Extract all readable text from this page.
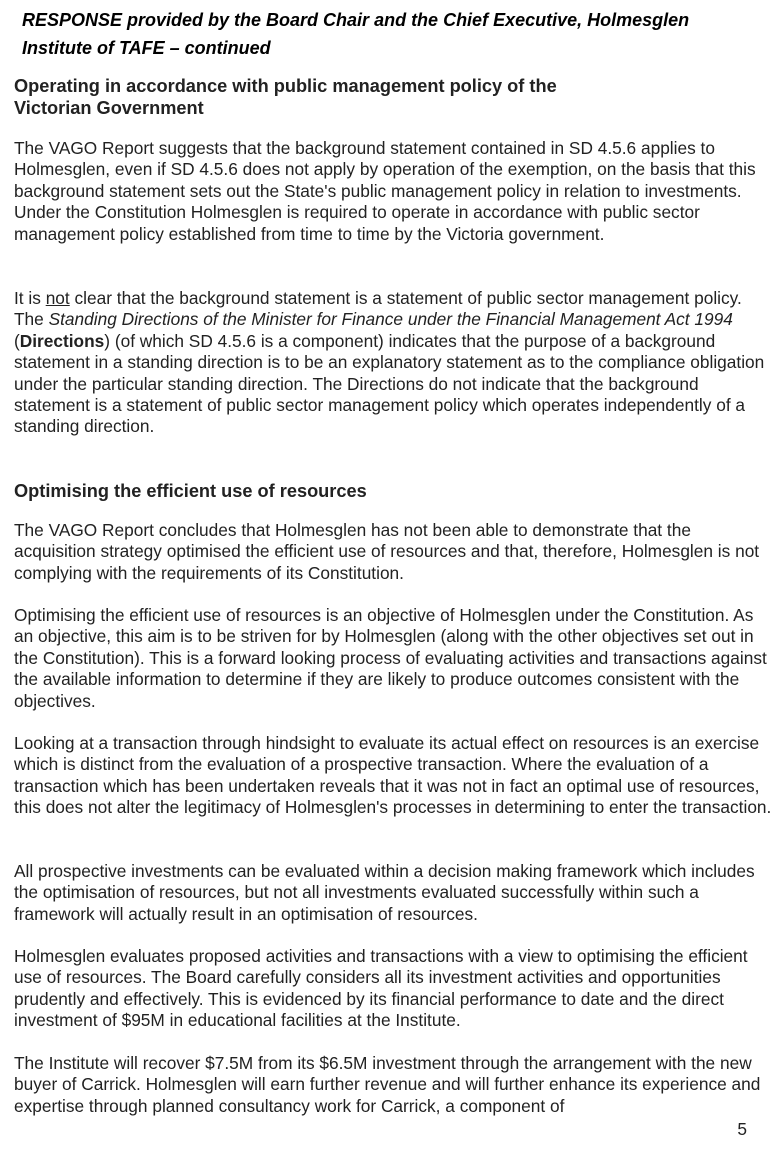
RESPONSE provided by the Board Chair and the Chief Executive, Holmesglen
Institute of TAFE – continued
Operating in accordance with public management policy of the
Victorian Government
The VAGO Report suggests that the background statement contained in SD 4.5.6 applies to Holmesglen, even if SD 4.5.6 does not apply by operation of the exemption, on the basis that this background statement sets out the State's public management policy in relation to investments. Under the Constitution Holmesglen is required to operate in accordance with public sector management policy established from time to time by the Victoria government.
It is not clear that the background statement is a statement of public sector management policy. The Standing Directions of the Minister for Finance under the Financial Management Act 1994 (Directions) (of which SD 4.5.6 is a component) indicates that the purpose of a background statement in a standing direction is to be an explanatory statement as to the compliance obligation under the particular standing direction. The Directions do not indicate that the background statement is a statement of public sector management policy which operates independently of a standing direction.
Optimising the efficient use of resources
The VAGO Report concludes that Holmesglen has not been able to demonstrate that the acquisition strategy optimised the efficient use of resources and that, therefore, Holmesglen is not complying with the requirements of its Constitution.
Optimising the efficient use of resources is an objective of Holmesglen under the Constitution. As an objective, this aim is to be striven for by Holmesglen (along with the other objectives set out in the Constitution). This is a forward looking process of evaluating activities and transactions against the available information to determine if they are likely to produce outcomes consistent with the objectives.
Looking at a transaction through hindsight to evaluate its actual effect on resources is an exercise which is distinct from the evaluation of a prospective transaction. Where the evaluation of a transaction which has been undertaken reveals that it was not in fact an optimal use of resources, this does not alter the legitimacy of Holmesglen's processes in determining to enter the transaction.
All prospective investments can be evaluated within a decision making framework which includes the optimisation of resources, but not all investments evaluated successfully within such a framework will actually result in an optimisation of resources.
Holmesglen evaluates proposed activities and transactions with a view to optimising the efficient use of resources. The Board carefully considers all its investment activities and opportunities prudently and effectively. This is evidenced by its financial performance to date and the direct investment of $95M in educational facilities at the Institute.
The Institute will recover $7.5M from its $6.5M investment through the arrangement with the new buyer of Carrick. Holmesglen will earn further revenue and will further enhance its experience and expertise through planned consultancy work for Carrick, a component of
5
